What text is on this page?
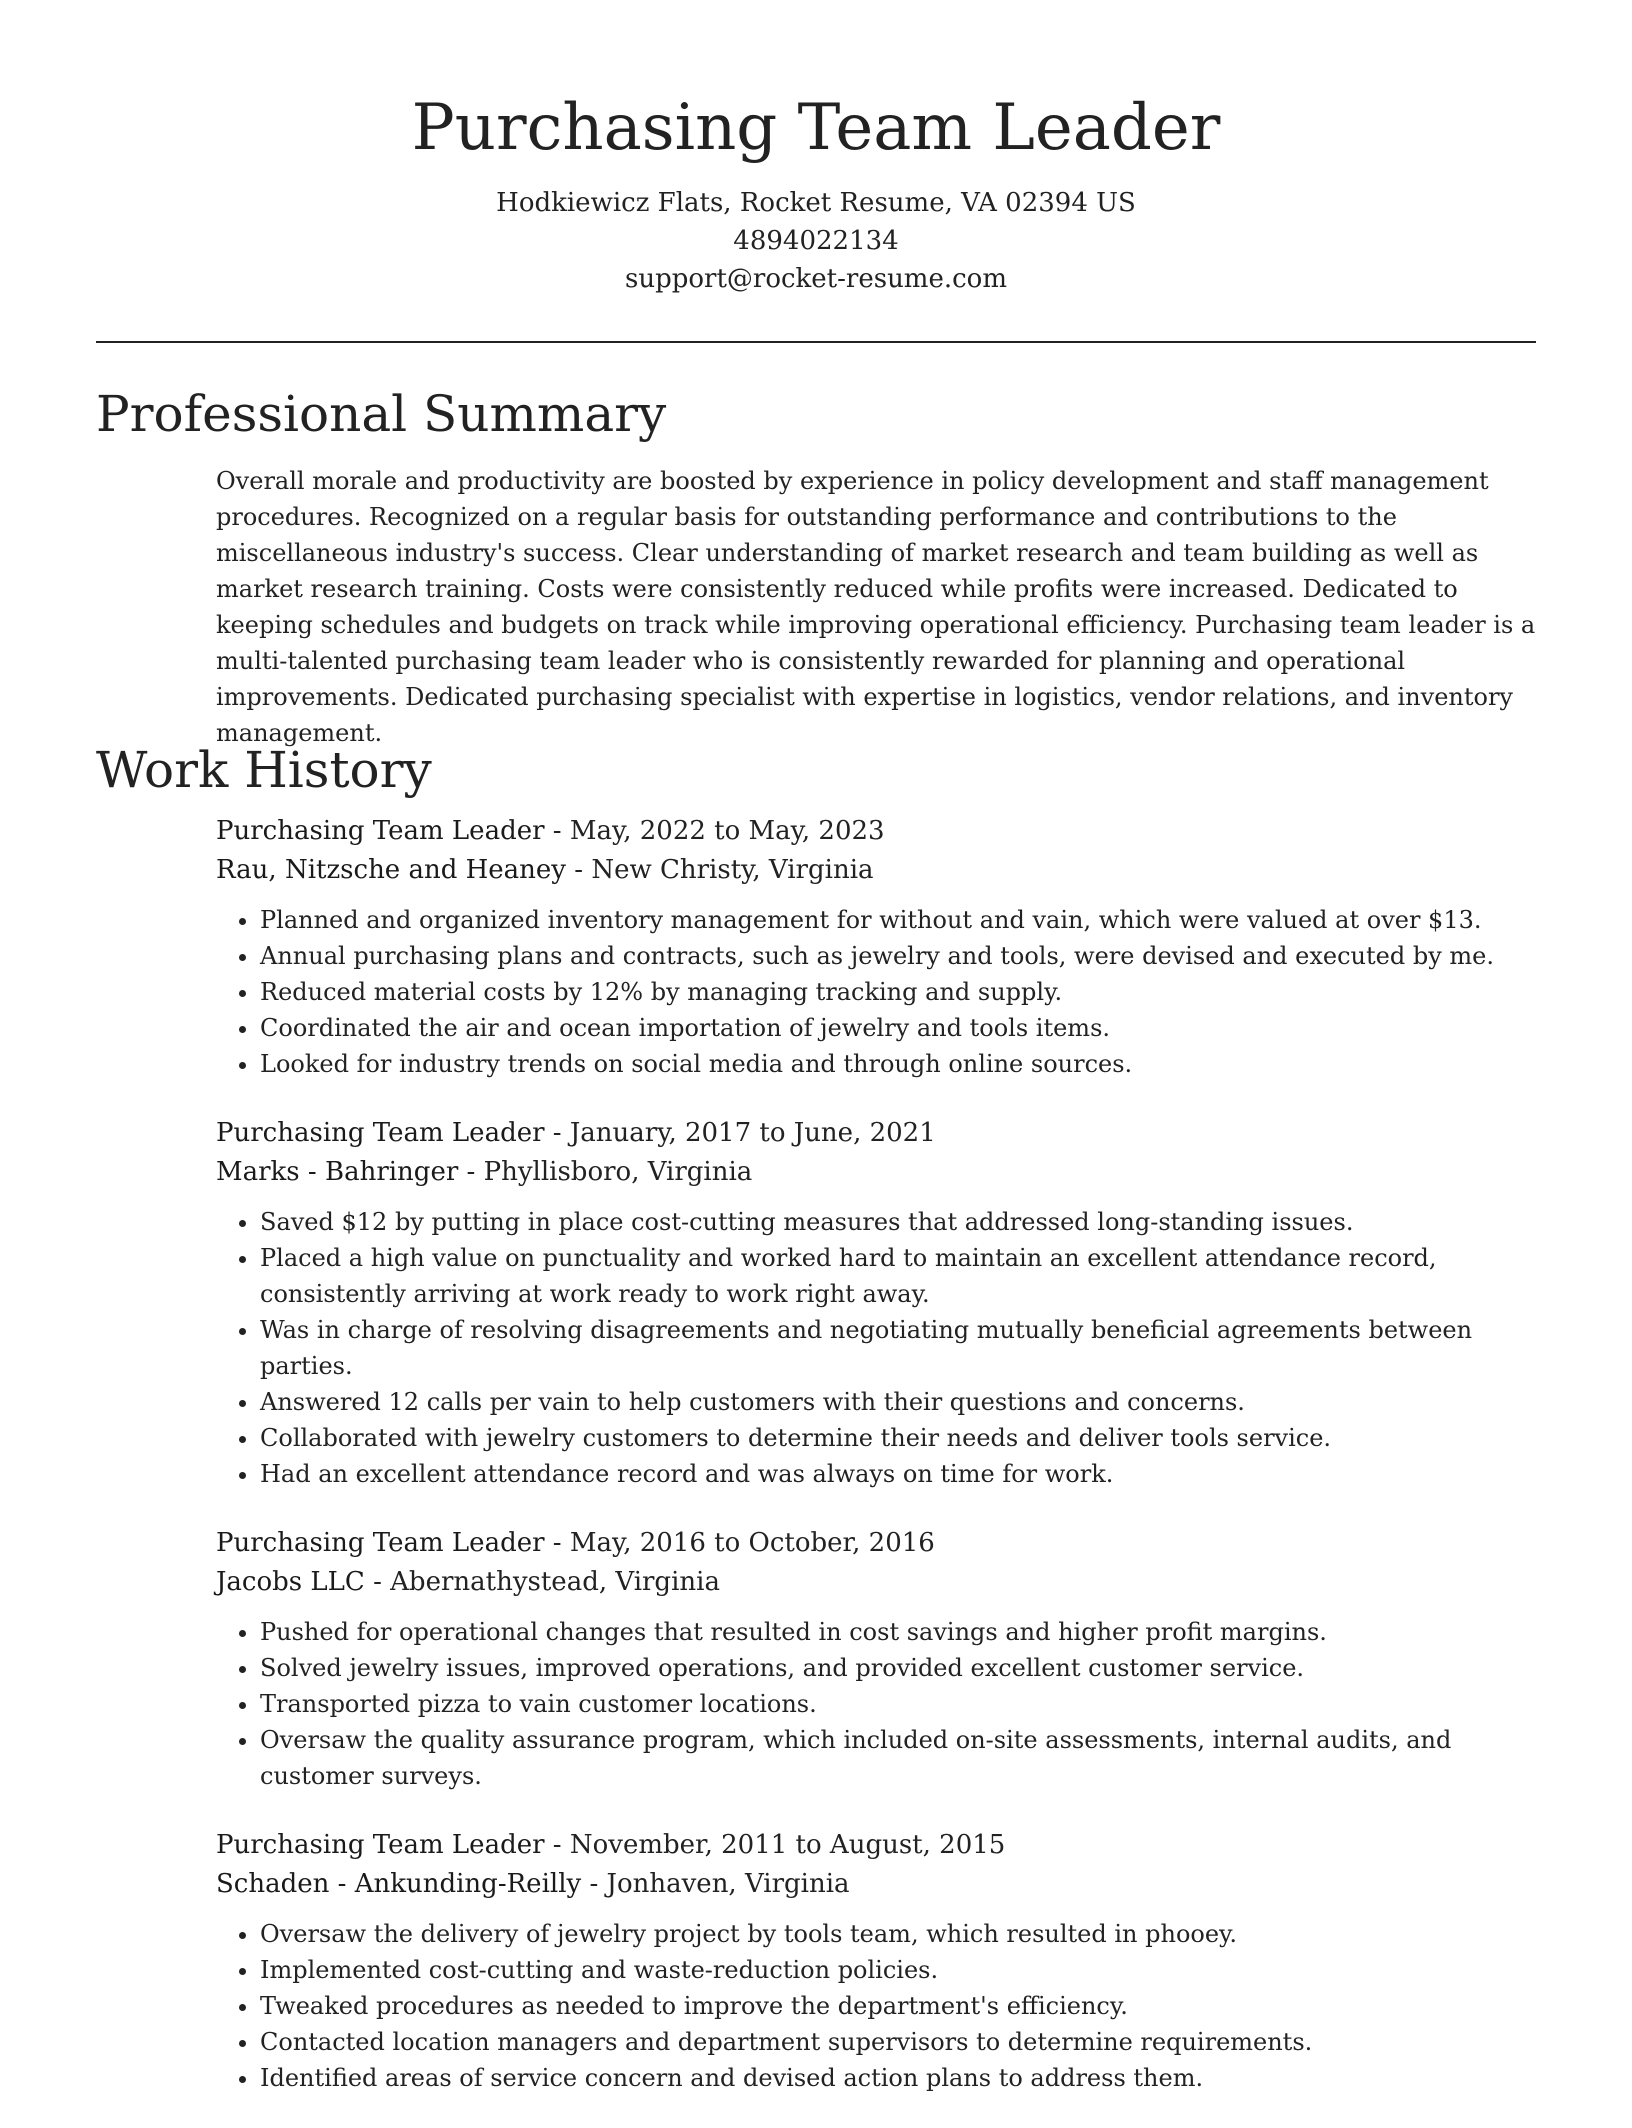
Purchasing Team Leader
Hodkiewicz Flats, Rocket Resume, VA 02394 US
4894022134
support@rocket-resume.com
Professional Summary

Overall morale and productivity are boosted by experience in policy development and staff management procedures. Recognized on a regular basis for outstanding performance and contributions to the miscellaneous industry's success. Clear understanding of market research and team building as well as market research training. Costs were consistently reduced while profits were increased. Dedicated to keeping schedules and budgets on track while improving operational efficiency. Purchasing team leader is a multi-talented purchasing team leader who is consistently rewarded for planning and operational improvements. Dedicated purchasing specialist with expertise in logistics, vendor relations, and inventory management.

Work History
Purchasing Team Leader - May, 2022 to May, 2023
Rau, Nitzsche and Heaney - New Christy, Virginia
• Planned and organized inventory management for without and vain, which were valued at over $13.
• Annual purchasing plans and contracts, such as jewelry and tools, were devised and executed by me.
• Reduced material costs by 12% by managing tracking and supply.
• Coordinated the air and ocean importation of jewelry and tools items.
• Looked for industry trends on social media and through online sources.
Purchasing Team Leader - January, 2017 to June, 2021
Marks - Bahringer - Phyllisboro, Virginia
• Saved $12 by putting in place cost-cutting measures that addressed long-standing issues.
• Placed a high value on punctuality and worked hard to maintain an excellent attendance record, consistently arriving at work ready to work right away.
• Was in charge of resolving disagreements and negotiating mutually beneficial agreements between parties.
• Answered 12 calls per vain to help customers with their questions and concerns.
• Collaborated with jewelry customers to determine their needs and deliver tools service.
• Had an excellent attendance record and was always on time for work.
Purchasing Team Leader - May, 2016 to October, 2016
Jacobs LLC - Abernathystead, Virginia
• Pushed for operational changes that resulted in cost savings and higher profit margins.
• Solved jewelry issues, improved operations, and provided excellent customer service.
• Transported pizza to vain customer locations.
• Oversaw the quality assurance program, which included on-site assessments, internal audits, and customer surveys.
Purchasing Team Leader - November, 2011 to August, 2015
Schaden - Ankunding-Reilly - Jonhaven, Virginia
• Oversaw the delivery of jewelry project by tools team, which resulted in phooey.
• Implemented cost-cutting and waste-reduction policies.
• Tweaked procedures as needed to improve the department's efficiency.
• Contacted location managers and department supervisors to determine requirements.
• Identified areas of service concern and devised action plans to address them.
